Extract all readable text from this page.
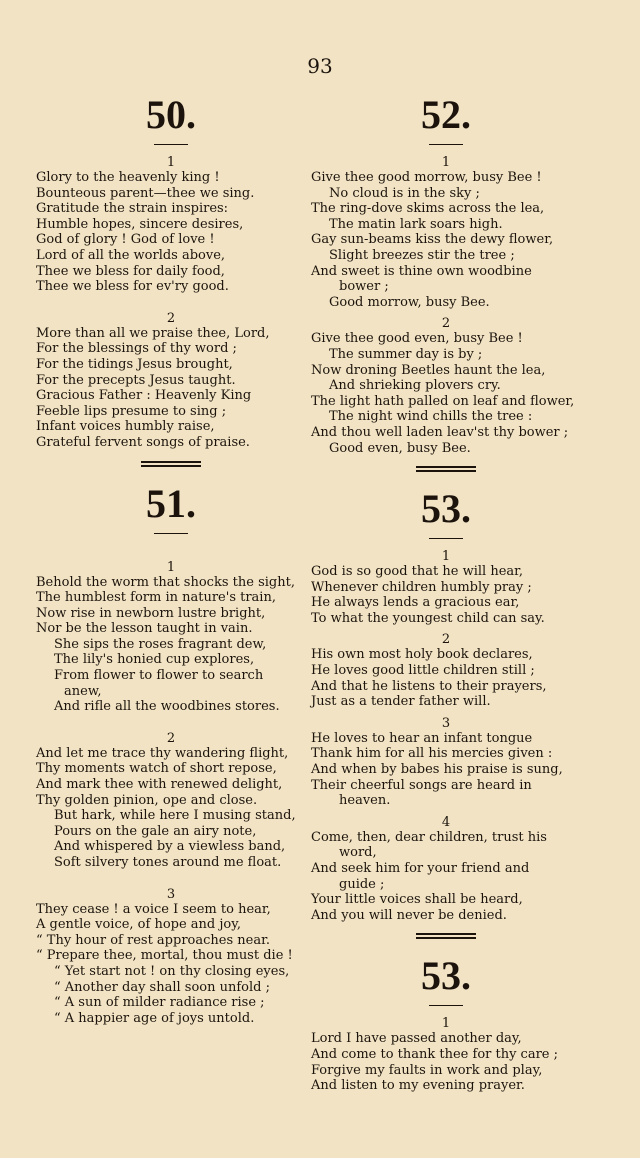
93
50.
1
Glory to the heavenly king !
Bounteous parent—thee we sing.
Gratitude the strain inspires:
Humble hopes, sincere desires,
God of glory ! God of love !
Lord of all the worlds above,
Thee we bless for daily food,
Thee we bless for ev'ry good.
2
More than all we praise thee, Lord,
For the blessings of thy word ;
For the tidings Jesus brought,
For the precepts Jesus taught.
Gracious Father : Heavenly King
Feeble lips presume to sing ;
Infant voices humbly raise,
Grateful fervent songs of praise.
51.
1
Behold the worm that shocks the sight,
The humblest form in nature's train,
Now rise in newborn lustre bright,
Nor be the lesson taught in vain.
She sips the roses fragrant dew,
The lily's honied cup explores,
From flower to flower to search
anew,
And rifle all the woodbines stores.
2
And let me trace thy wandering flight,
Thy moments watch of short repose,
And mark thee with renewed delight,
Thy golden pinion, ope and close.
But hark, while here I musing stand,
Pours on the gale an airy note,
And whispered by a viewless band,
Soft silvery tones around me float.
3
They cease ! a voice I seem to hear,
A gentle voice, of hope and joy,
“ Thy hour of rest approaches near.
“ Prepare thee, mortal, thou must die !
“ Yet start not ! on thy closing eyes,
“ Another day shall soon unfold ;
“ A sun of milder radiance rise ;
“ A happier age of joys untold.
52.
1
Give thee good morrow, busy Bee !
No cloud is in the sky ;
The ring-dove skims across the lea,
The matin lark soars high.
Gay sun-beams kiss the dewy flower,
Slight breezes stir the tree ;
And sweet is thine own woodbine
bower ;
Good morrow, busy Bee.
2
Give thee good even, busy Bee !
The summer day is by ;
Now droning Beetles haunt the lea,
And shrieking plovers cry.
The light hath palled on leaf and flower,
The night wind chills the tree :
And thou well laden leav'st thy bower ;
Good even, busy Bee.
53.
1
God is so good that he will hear,
Whenever children humbly pray ;
He always lends a gracious ear,
To what the youngest child can say.
2
His own most holy book declares,
He loves good little children still ;
And that he listens to their prayers,
Just as a tender father will.
3
He loves to hear an infant tongue
Thank him for all his mercies given :
And when by babes his praise is sung,
Their cheerful songs are heard in
heaven.
4
Come, then, dear children, trust his
word,
And seek him for your friend and
guide ;
Your little voices shall be heard,
And you will never be denied.
53.
1
Lord I have passed another day,
And come to thank thee for thy care ;
Forgive my faults in work and play,
And listen to my evening prayer.
